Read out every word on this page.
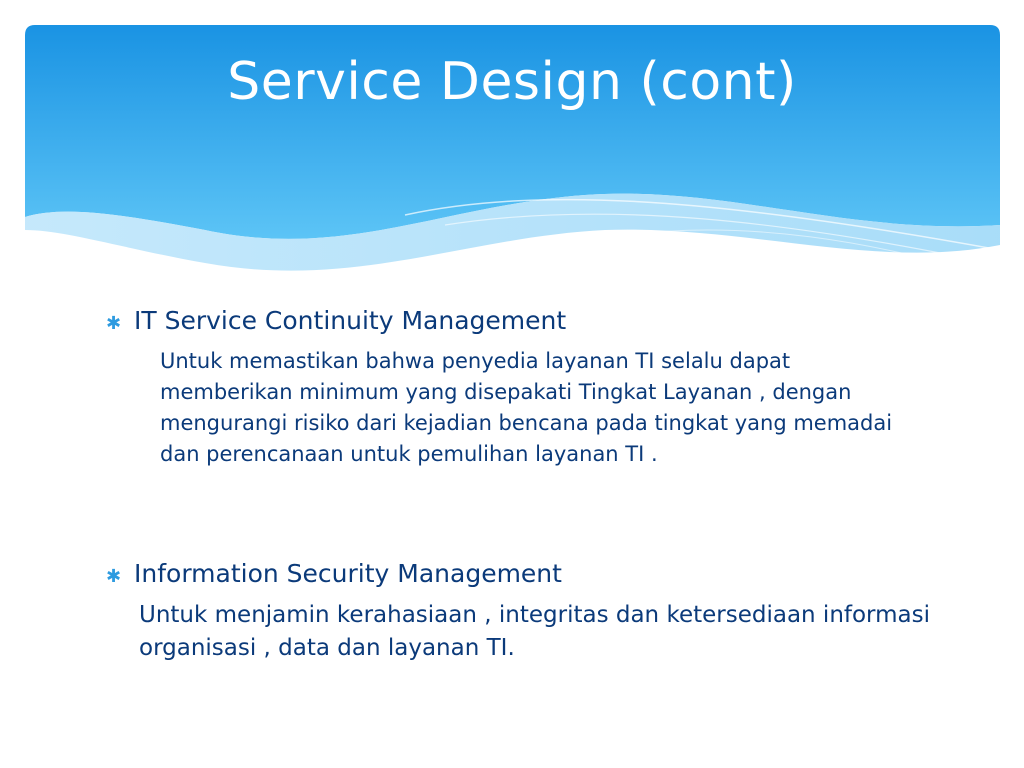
Service Design (cont)
✱ IT Service Continuity Management
Untuk memastikan bahwa penyedia layanan TI selalu dapat memberikan minimum yang disepakati Tingkat Layanan , dengan mengurangi risiko dari kejadian bencana pada tingkat yang memadai dan perencanaan untuk pemulihan layanan TI .
✱ Information Security Management
Untuk menjamin kerahasiaan , integritas dan ketersediaan informasi organisasi , data dan layanan TI.
